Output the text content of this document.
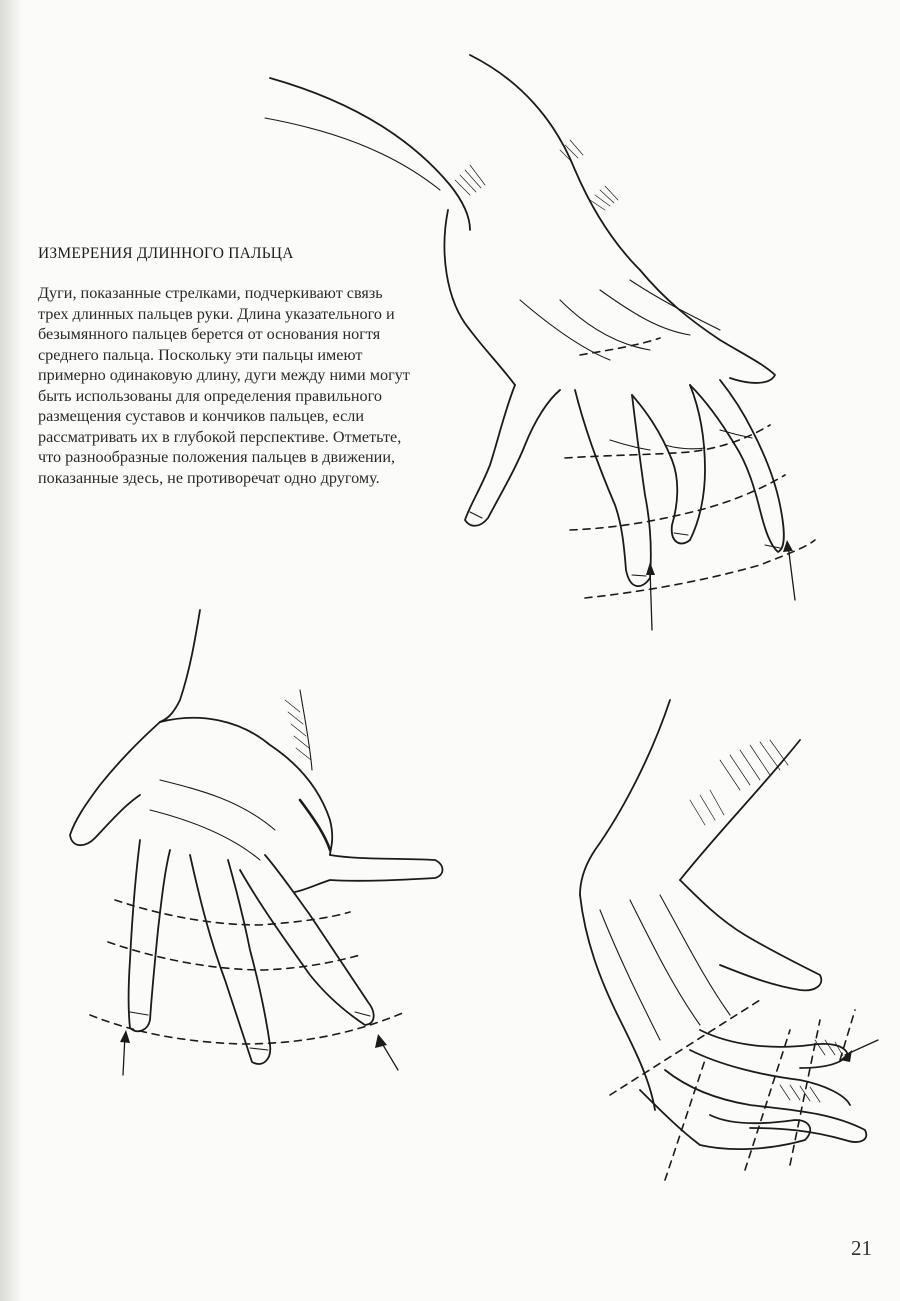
ИЗМЕРЕНИЯ ДЛИННОГО ПАЛЬЦА

Дуги, показанные стрелками, подчеркивают связь трех длинных пальцев руки. Длина указательного и безымянного пальцев берется от основания ногтя среднего пальца. Поскольку эти пальцы имеют примерно одинаковую длину, дуги между ними могут быть использованы для определения правильного размещения суставов и кончиков пальцев, если рассматривать их в глубокой перспективе. Отметьте, что разнообразные положения пальцев в движении, показанные здесь, не противоречат одно другому.

21
